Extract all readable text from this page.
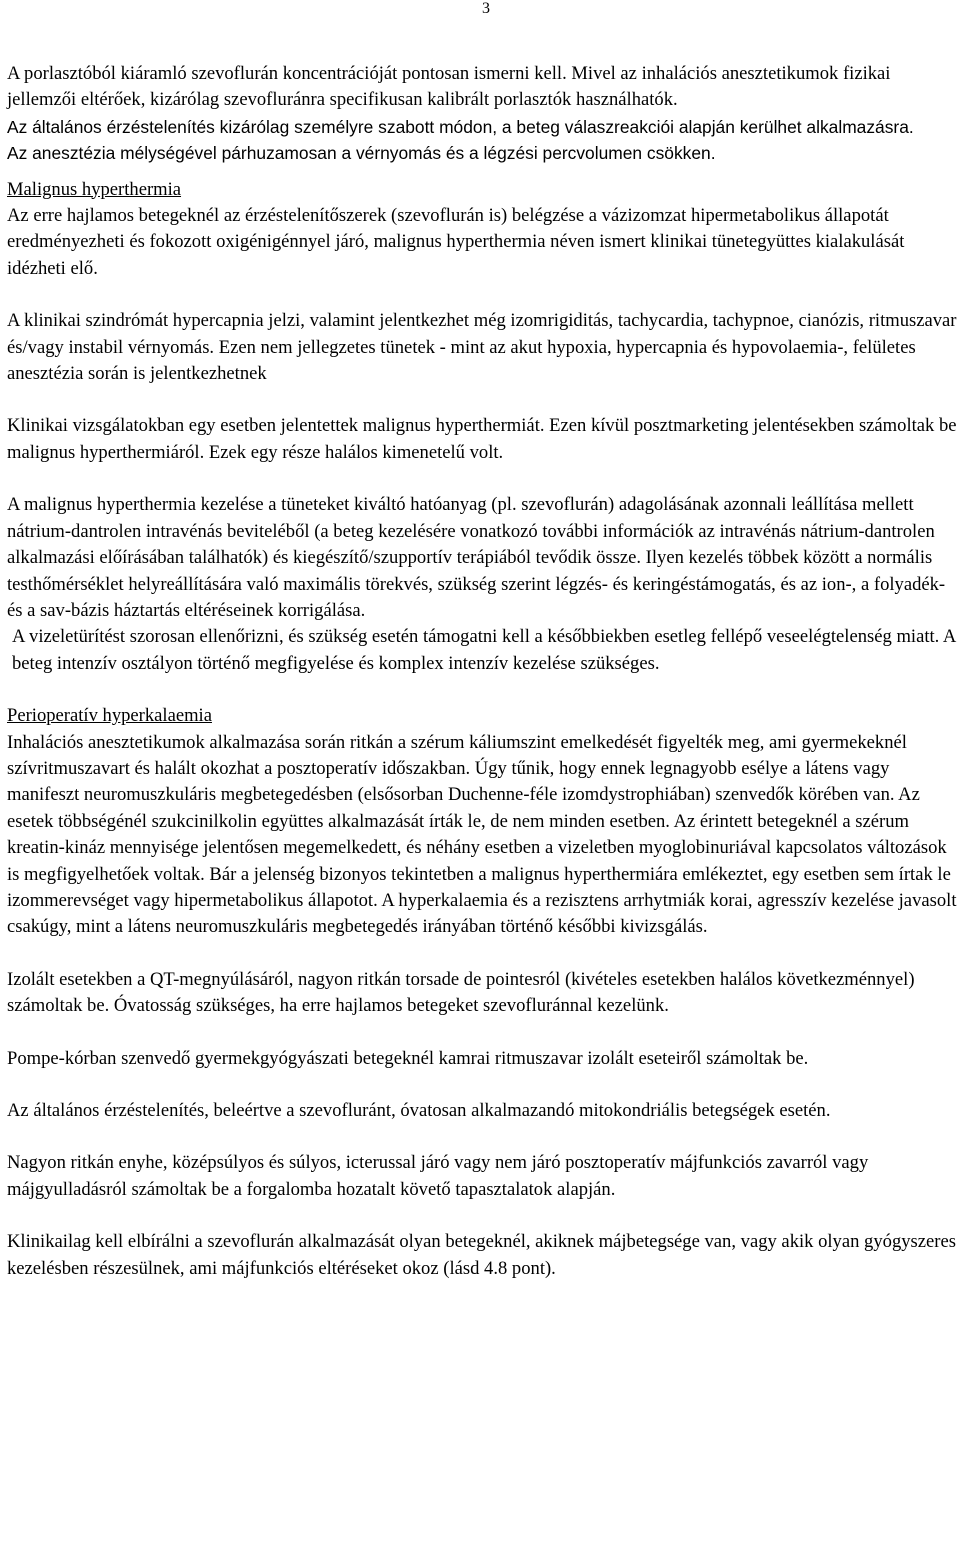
3

A porlasztóból kiáramló szevoflurán koncentrációját pontosan ismerni kell. Mivel az inhalációs anesztetikumok fizikai jellemzői eltérőek, kizárólag szevofluránra specifikusan kalibrált porlasztók használhatók.

Az általános érzéstelenítés kizárólag személyre szabott módon, a beteg válaszreakciói alapján kerülhet alkalmazásra.

Az anesztézia mélységével párhuzamosan a vérnyomás és a légzési percvolumen csökken.

Malignus hyperthermia

Az erre hajlamos betegeknél az érzéstelenítőszerek (szevoflurán is) belégzése a vázizomzat hipermetabolikus állapotát eredményezheti és fokozott oxigénigénnyel járó, malignus hyperthermia néven ismert klinikai tünetegyüttes kialakulását idézheti elő.

A klinikai szindrómát hypercapnia jelzi, valamint jelentkezhet még izomrigiditás, tachycardia, tachypnoe, cianózis, ritmuszavar és/vagy instabil vérnyomás. Ezen nem jellegzetes tünetek - mint az akut hypoxia, hypercapnia és hypovolaemia-, felületes anesztézia során is jelentkezhetnek

Klinikai vizsgálatokban egy esetben jelentettek malignus hyperthermiát. Ezen kívül posztmarketing jelentésekben számoltak be malignus hyperthermiáról. Ezek egy része halálos kimenetelű volt.

A malignus hyperthermia kezelése a tüneteket kiváltó hatóanyag (pl. szevoflurán) adagolásának azonnali leállítása mellett nátrium-dantrolen intravénás beviteléből (a beteg kezelésére vonatkozó további információk az intravénás nátrium-dantrolen alkalmazási előírásában találhatók) és kiegészítő/szupportív terápiából tevődik össze. Ilyen kezelés többek között a normális testhőmérséklet helyreállítására való maximális törekvés, szükség szerint légzés- és keringéstámogatás, és az ion-, a folyadék- és a sav-bázis háztartás eltéréseinek korrigálása.

A vizeletürítést szorosan ellenőrizni, és szükség esetén támogatni kell a későbbiekben esetleg fellépő veseelégtelenség miatt. A beteg intenzív osztályon történő megfigyelése és komplex intenzív kezelése szükséges.

Perioperatív hyperkalaemia

Inhalációs anesztetikumok alkalmazása során ritkán a szérum káliumszint emelkedését figyelték meg, ami gyermekeknél szívritmuszavart és halált okozhat a posztoperatív időszakban. Úgy tűnik, hogy ennek legnagyobb esélye a látens vagy manifeszt neuromuszkuláris megbetegedésben (elsősorban Duchenne-féle izomdystrophiában) szenvedők körében van. Az esetek többségénél szukcinilkolin együttes alkalmazását írták le, de nem minden esetben. Az érintett betegeknél a szérum kreatin-kináz mennyisége jelentősen megemelkedett, és néhány esetben a vizeletben myoglobinuriával kapcsolatos változások is megfigyelhetőek voltak. Bár a jelenség bizonyos tekintetben a malignus hyperthermiára emlékeztet, egy esetben sem írtak le izommerevséget vagy hipermetabolikus állapotot. A hyperkalaemia és a rezisztens arrhytmiák korai, agresszív kezelése javasolt csakúgy, mint a látens neuromuszkuláris megbetegedés irányában történő későbbi kivizsgálás.

Izolált esetekben a QT-megnyúlásáról, nagyon ritkán torsade de pointesról (kivételes esetekben halálos következménnyel) számoltak be. Óvatosság szükséges, ha erre hajlamos betegeket szevofluránnal kezelünk.

Pompe-kórban szenvedő gyermekgyógyászati betegeknél kamrai ritmuszavar izolált eseteiről számoltak be.

Az általános érzéstelenítés, beleértve a szevofluránt, óvatosan alkalmazandó mitokondriális betegségek esetén.

Nagyon ritkán enyhe, középsúlyos és súlyos, icterussal járó vagy nem járó posztoperatív májfunkciós zavarról vagy májgyulladásról számoltak be a forgalomba hozatalt követő tapasztalatok alapján.

Klinikailag kell elbírálni a szevoflurán alkalmazását olyan betegeknél, akiknek májbetegsége van, vagy akik olyan gyógyszeres kezelésben részesülnek, ami májfunkciós eltéréseket okoz (lásd 4.8 pont).
